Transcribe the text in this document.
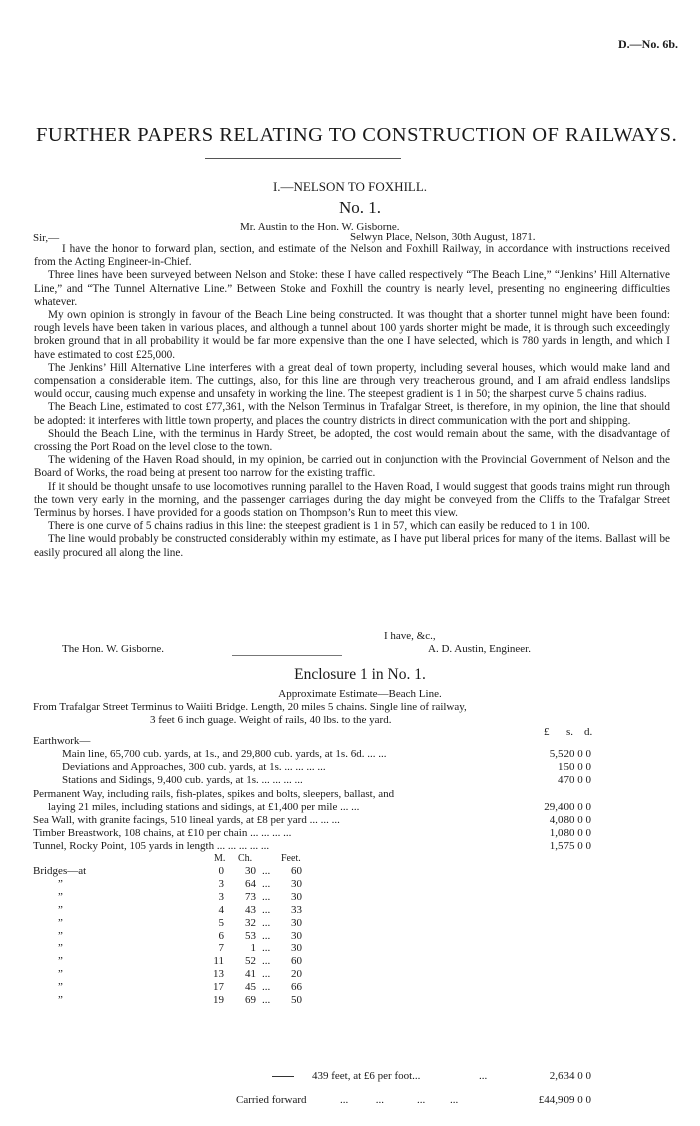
D.—No. 6b.
FURTHER PAPERS RELATING TO CONSTRUCTION OF RAILWAYS.
I.—NELSON TO FOXHILL.
No. 1.
Mr. Austin to the Hon. W. Gisborne.
Sir,—	Selwyn Place, Nelson, 30th August, 1871.

I have the honor to forward plan, section, and estimate of the Nelson and Foxhill Railway, in accordance with instructions received from the Acting Engineer-in-Chief.

Three lines have been surveyed between Nelson and Stoke: these I have called respectively “The Beach Line,” “Jenkins’ Hill Alternative Line,” and “The Tunnel Alternative Line.” Between Stoke and Foxhill the country is nearly level, presenting no engineering difficulties whatever.

My own opinion is strongly in favour of the Beach Line being constructed. It was thought that a shorter tunnel might have been found: rough levels have been taken in various places, and although a tunnel about 100 yards shorter might be made, it is through such exceedingly broken ground that in all probability it would be far more expensive than the one I have selected, which is 780 yards in length, and which I have estimated to cost £25,000.

The Jenkins’ Hill Alternative Line interferes with a great deal of town property, including several houses, which would make land and compensation a considerable item. The cuttings, also, for this line are through very treacherous ground, and I am afraid endless landslips would occur, causing much expense and unsafety in working the line. The steepest gradient is 1 in 50; the sharpest curve 5 chains radius.

The Beach Line, estimated to cost £77,361, with the Nelson Terminus in Trafalgar Street, is therefore, in my opinion, the line that should be adopted: it interferes with little town property, and places the country districts in direct communication with the port and shipping.

Should the Beach Line, with the terminus in Hardy Street, be adopted, the cost would remain about the same, with the disadvantage of crossing the Port Road on the level close to the town.

The widening of the Haven Road should, in my opinion, be carried out in conjunction with the Provincial Government of Nelson and the Board of Works, the road being at present too narrow for the existing traffic.

If it should be thought unsafe to use locomotives running parallel to the Haven Road, I would suggest that goods trains might run through the town very early in the morning, and the passenger carriages during the day might be conveyed from the Cliffs to the Trafalgar Street Terminus by horses. I have provided for a goods station on Thompson’s Run to meet this view.

There is one curve of 5 chains radius in this line: the steepest gradient is 1 in 57, which can easily be reduced to 1 in 100.

The line would probably be constructed considerably within my estimate, as I have put liberal prices for many of the items. Ballast will be easily procured all along the line.

I have, &c.,
The Hon. W. Gisborne.	A. D. Austin, Engineer.
Enclosure 1 in No. 1.
Approximate Estimate—Beach Line.
From Trafalgar Street Terminus to Waiiti Bridge. Length, 20 miles 5 chains. Single line of railway,
3 feet 6 inch guage. Weight of rails, 40 lbs. to the yard.
£ s. d.
Earthwork—
Main line, 65,700 cub. yards, at 1s., and 29,800 cub. yards, at 1s. 6d. ... ...	5,520 0 0
Deviations and Approaches, 300 cub. yards, at 1s. ... ... ... ...	150 0 0
Stations and Sidings, 9,400 cub. yards, at 1s. ... ... ... ...	470 0 0
Permanent Way, including rails, fish-plates, spikes and bolts, sleepers, ballast, and
laying 21 miles, including stations and sidings, at £1,400 per mile ... ...	29,400 0 0
Sea Wall, with granite facings, 510 lineal yards, at £8 per yard ... ... ...	4,080 0 0
Timber Breastwork, 108 chains, at £10 per chain ... ... ... ...	1,080 0 0
Tunnel, Rocky Point, 105 yards in length ... ... ... ... ...	1,575 0 0
M. Ch.	Feet.
Bridges—at	0	30 ...	60
”	3	64 ...	30
”	3	73 ...	30
”	4	43 ...	33
”	5	32 ...	30
”	6	53 ...	30
”	7	1 ...	30
”	11	52 ...	60
”	13	41 ...	20
”	17	45 ...	66
”	19	69 ...	50
439 feet, at £6 per foot...	...	2,634 0 0
Carried forward	...          ...            ...         ...	£44,909 0 0
